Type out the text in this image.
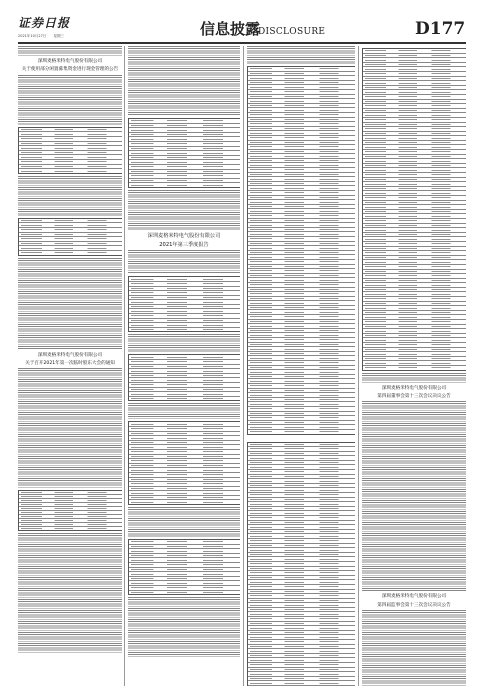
证券日报
2021年10月27日 星期三	信息披露
DISCLOSURE	D177
深圳麦格米特电气股份有限公司
关于使用部分闲置募集资金进行现金管理的公告
深圳麦格米特电气股份有限公司
关于召开2021年第一次临时股东大会的通知
深圳麦格米特电气股份有限公司
2021年第三季度报告
深圳麦格米特电气股份有限公司
第四届董事会第十三次会议决议公告
深圳麦格米特电气股份有限公司
第四届监事会第十三次会议决议公告
